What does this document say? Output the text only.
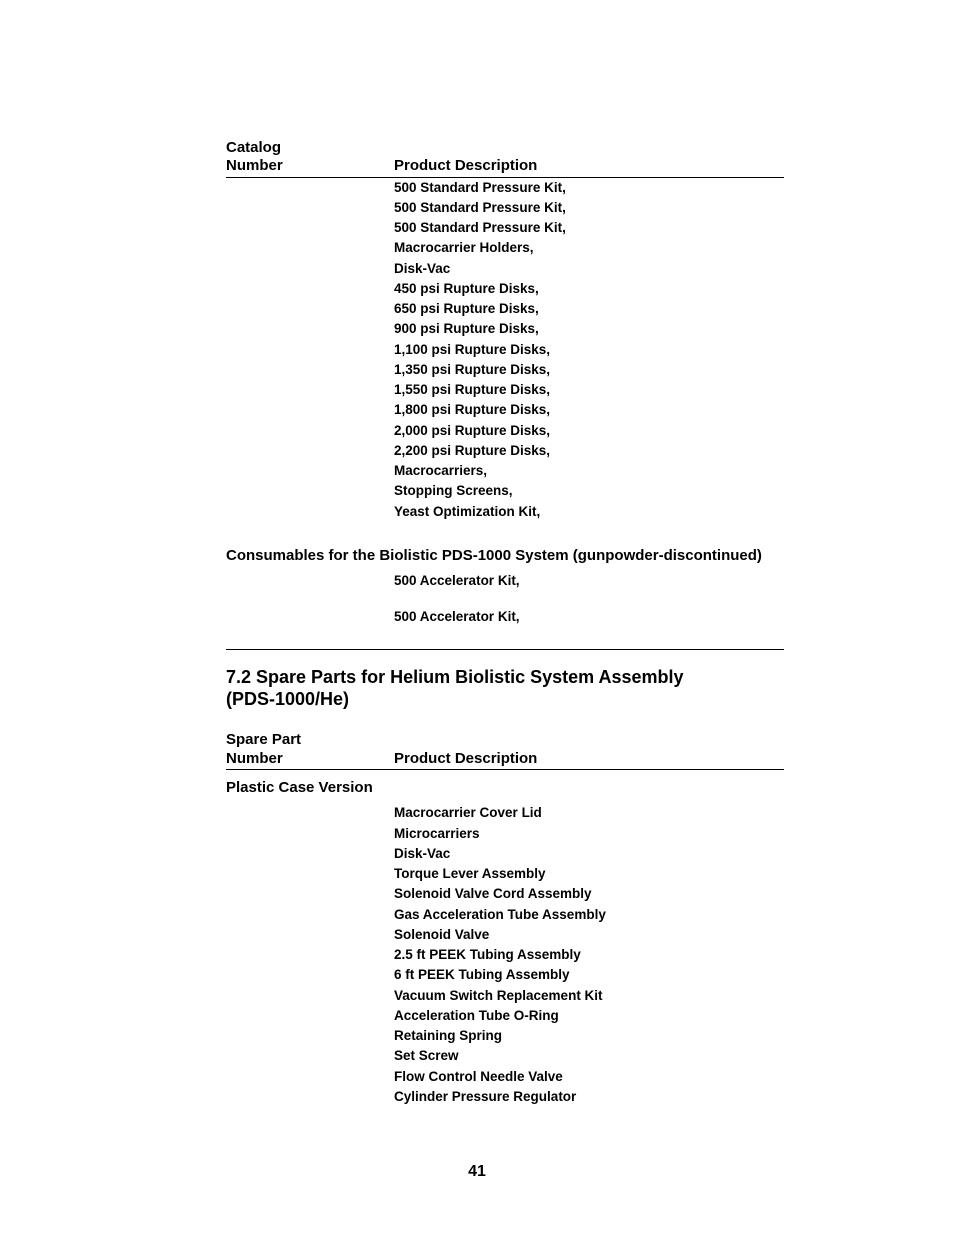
Catalog
Number	Product Description
500 Standard Pressure Kit,
500 Standard Pressure Kit,
500 Standard Pressure Kit,
Macrocarrier Holders,
Disk-Vac
450 psi Rupture Disks,
650 psi Rupture Disks,
900 psi Rupture Disks,
1,100 psi Rupture Disks,
1,350 psi Rupture Disks,
1,550 psi Rupture Disks,
1,800 psi Rupture Disks,
2,000 psi Rupture Disks,
2,200 psi Rupture Disks,
Macrocarriers,
Stopping Screens,
Yeast Optimization Kit,
Consumables for the Biolistic PDS-1000 System (gunpowder-discontinued)
500 Accelerator Kit,
500 Accelerator Kit,
7.2 Spare Parts for Helium Biolistic System Assembly
(PDS-1000/He)
Spare Part
Number	Product Description
Plastic Case Version
Macrocarrier Cover Lid
Microcarriers
Disk-Vac
Torque Lever Assembly
Solenoid Valve Cord Assembly
Gas Acceleration Tube Assembly
Solenoid Valve
2.5 ft PEEK Tubing Assembly
6 ft PEEK Tubing Assembly
Vacuum Switch Replacement Kit
Acceleration Tube O-Ring
Retaining Spring
Set Screw
Flow Control Needle Valve
Cylinder Pressure Regulator
41
